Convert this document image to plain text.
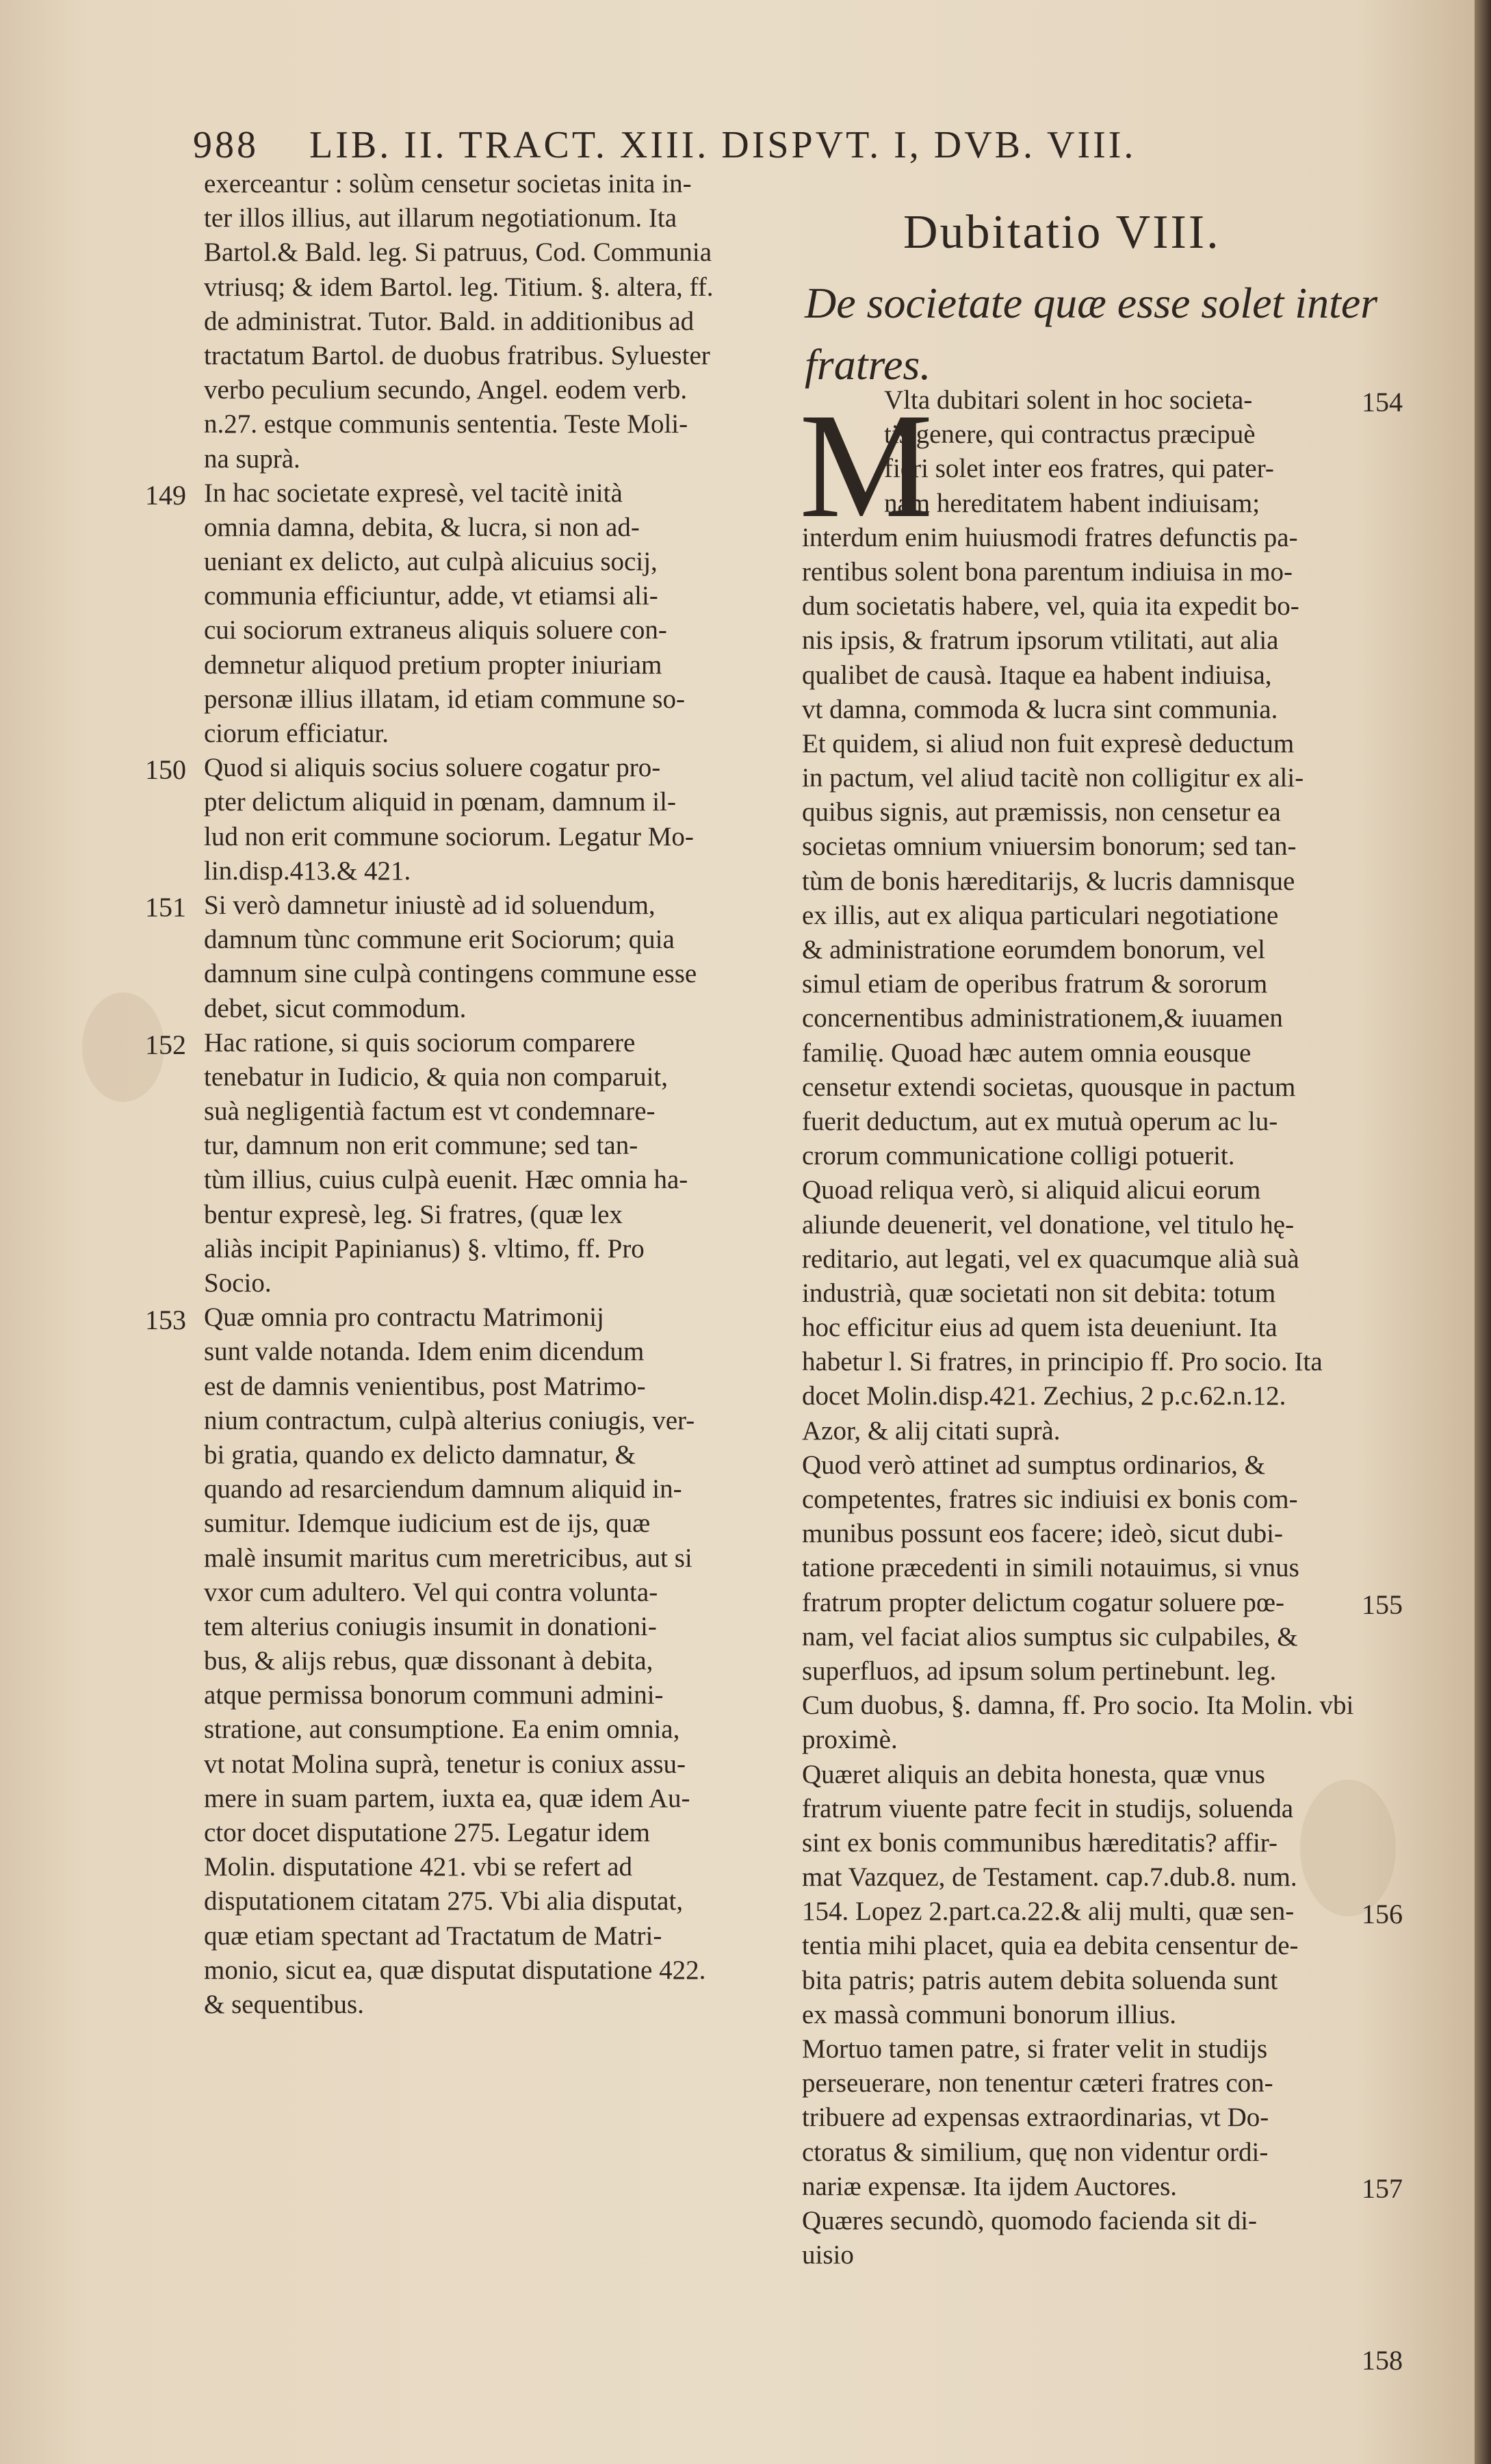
988 LIB. II. TRACT. XIII. DISPVT. I, DVB. VIII.
exerceantur : solùm censetur societas inita in-
ter illos illius, aut illarum negotiationum. Ita
Bartol.& Bald. leg. Si patruus, Cod. Communia
vtriusq; & idem Bartol. leg. Titium. §. altera, ff.
de administrat. Tutor. Bald. in additionibus ad
tractatum Bartol. de duobus fratribus. Syluester
verbo peculium secundo, Angel. eodem verb.
n.27. estque communis sententia. Teste Moli-
na suprà.
In hac societate expresè, vel tacitè inità
omnia damna, debita, & lucra, si non ad-
ueniant ex delicto, aut culpà alicuius socij,
communia efficiuntur, adde, vt etiamsi ali-
cui sociorum extraneus aliquis soluere con-
demnetur aliquod pretium propter iniuriam
personæ illius illatam, id etiam commune so-
ciorum efficiatur.
Quod si aliquis socius soluere cogatur pro-
pter delictum aliquid in pœnam, damnum il-
lud non erit commune sociorum. Legatur Mo-
lin.disp.413.& 421.
Si verò damnetur iniustè ad id soluendum,
damnum tùnc commune erit Sociorum; quia
damnum sine culpà contingens commune esse
debet, sicut commodum.
Hac ratione, si quis sociorum comparere
tenebatur in Iudicio, & quia non comparuit,
suà negligentià factum est vt condemnare-
tur, damnum non erit commune; sed tan-
tùm illius, cuius culpà euenit. Hæc omnia ha-
bentur expresè, leg. Si fratres, (quæ lex
aliàs incipit Papinianus) §. vltimo, ff. Pro
Socio.
Quæ omnia pro contractu Matrimonij
sunt valde notanda. Idem enim dicendum
est de damnis venientibus, post Matrimo-
nium contractum, culpà alterius coniugis, ver-
bi gratia, quando ex delicto damnatur, &
quando ad resarciendum damnum aliquid in-
sumitur. Idemque iudicium est de ijs, quæ
malè insumit maritus cum meretricibus, aut si
vxor cum adultero. Vel qui contra volunta-
tem alterius coniugis insumit in donationi-
bus, & alijs rebus, quæ dissonant à debita,
atque permissa bonorum communi admini-
stratione, aut consumptione. Ea enim omnia,
vt notat Molina suprà, tenetur is coniux assu-
mere in suam partem, iuxta ea, quæ idem Au-
ctor docet disputatione 275. Legatur idem
Molin. disputatione 421. vbi se refert ad
disputationem citatam 275. Vbi alia disputat,
quæ etiam spectant ad Tractatum de Matri-
monio, sicut ea, quæ disputat disputatione 422.
& sequentibus.
Dubitatio VIII.
De societate quæ esse solet inter fratres.
M
Vlta dubitari solent in hoc societa-
tis genere, qui contractus præcipuè
fieri solet inter eos fratres, qui pater-
nam hereditatem habent indiuisam;
interdum enim huiusmodi fratres defunctis pa-
rentibus solent bona parentum indiuisa in mo-
dum societatis habere, vel, quia ita expedit bo-
nis ipsis, & fratrum ipsorum vtilitati, aut alia
qualibet de causà. Itaque ea habent indiuisa,
vt damna, commoda & lucra sint communia.
Et quidem, si aliud non fuit expresè deductum
in pactum, vel aliud tacitè non colligitur ex ali-
quibus signis, aut præmissis, non censetur ea
societas omnium vniuersim bonorum; sed tan-
tùm de bonis hæreditarijs, & lucris damnisque
ex illis, aut ex aliqua particulari negotiatione
& administratione eorumdem bonorum, vel
simul etiam de operibus fratrum & sororum
concernentibus administrationem,& iuuamen
familię. Quoad hæc autem omnia eousque
censetur extendi societas, quousque in pactum
fuerit deductum, aut ex mutuà operum ac lu-
crorum communicatione colligi potuerit.
Quoad reliqua verò, si aliquid alicui eorum
aliunde deuenerit, vel donatione, vel titulo hę-
reditario, aut legati, vel ex quacumque alià suà
industrià, quæ societati non sit debita: totum
hoc efficitur eius ad quem ista deueniunt. Ita
habetur l. Si fratres, in principio ff. Pro socio. Ita
docet Molin.disp.421. Zechius, 2 p.c.62.n.12.
Azor, & alij citati suprà.
Quod verò attinet ad sumptus ordinarios, &
competentes, fratres sic indiuisi ex bonis com-
munibus possunt eos facere; ideò, sicut dubi-
tatione præcedenti in simili notauimus, si vnus
fratrum propter delictum cogatur soluere pœ-
nam, vel faciat alios sumptus sic culpabiles, &
superfluos, ad ipsum solum pertinebunt. leg.
Cum duobus, §. damna, ff. Pro socio. Ita Molin. vbi
proximè.
Quæret aliquis an debita honesta, quæ vnus
fratrum viuente patre fecit in studijs, soluenda
sint ex bonis communibus hæreditatis? affir-
mat Vazquez, de Testament. cap.7.dub.8. num.
154. Lopez 2.part.ca.22.& alij multi, quæ sen-
tentia mihi placet, quia ea debita censentur de-
bita patris; patris autem debita soluenda sunt
ex massà communi bonorum illius.
Mortuo tamen patre, si frater velit in studijs
perseuerare, non tenentur cæteri fratres con-
tribuere ad expensas extraordinarias, vt Do-
ctoratus & similium, quę non videntur ordi-
nariæ expensæ. Ita ijdem Auctores.
Quæres secundò, quomodo facienda sit di-
uisio
149
150
151
152
153
154
155
156
157
158
